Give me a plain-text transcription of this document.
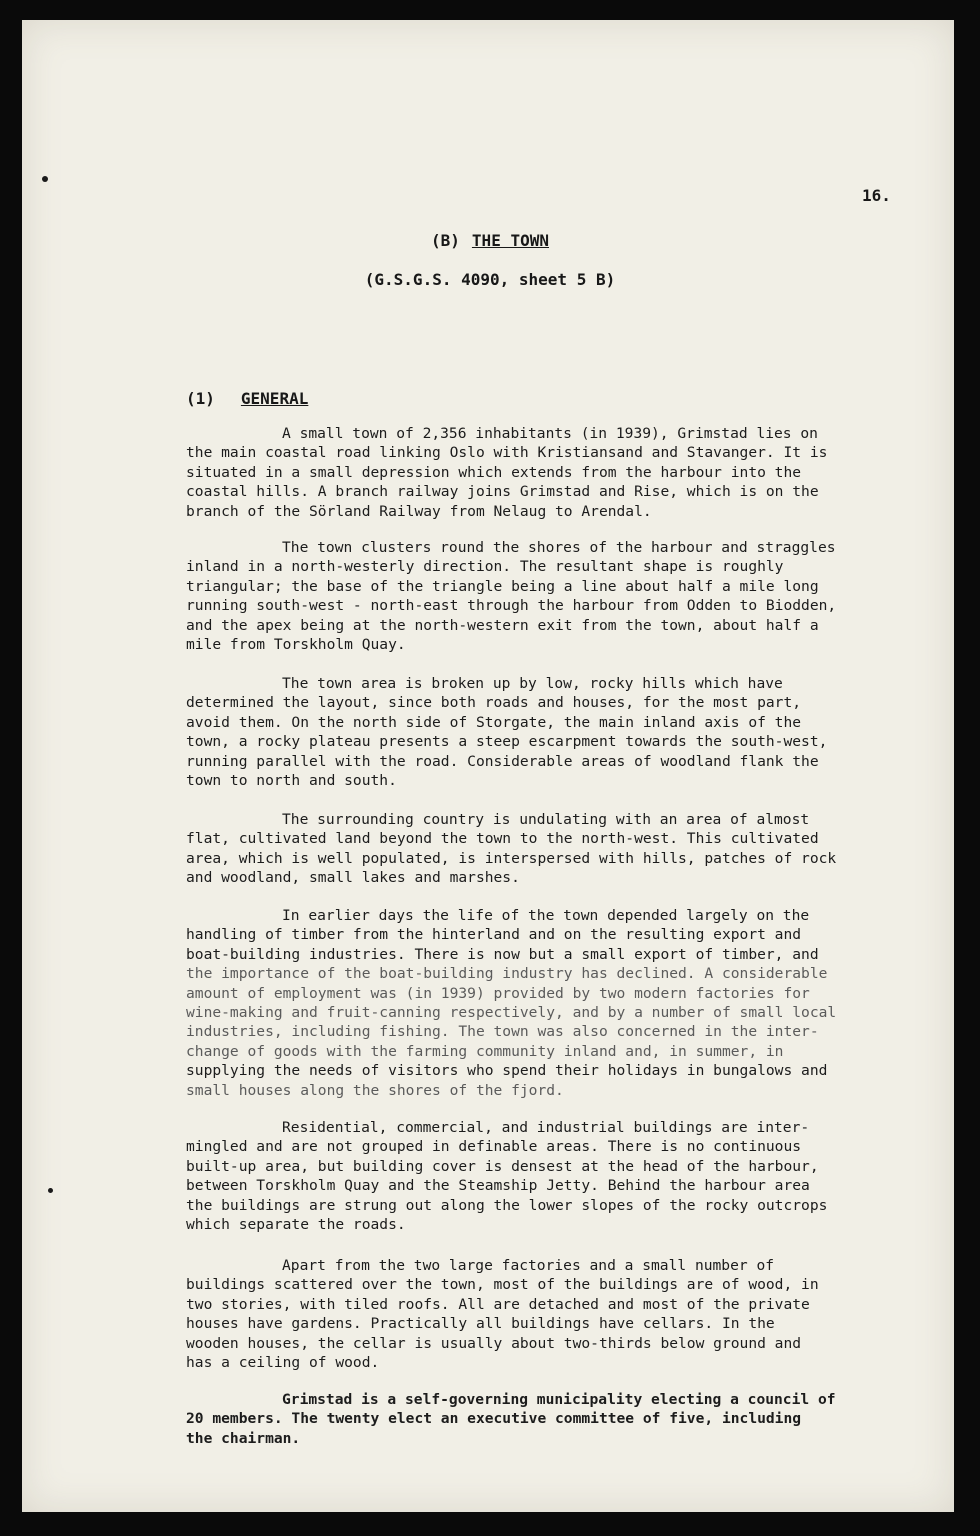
16.
(B) THE TOWN
(G.S.G.S. 4090, sheet 5 B)
(1) GENERAL
A small town of 2,356 inhabitants (in 1939), Grimstad lies on
the main coastal road linking Oslo with Kristiansand and Stavanger. It is
situated in a small depression which extends from the harbour into the
coastal hills. A branch railway joins Grimstad and Rise, which is on the
branch of the Sörland Railway from Nelaug to Arendal.
The town clusters round the shores of the harbour and straggles
inland in a north-westerly direction. The resultant shape is roughly
triangular; the base of the triangle being a line about half a mile long
running south-west - north-east through the harbour from Odden to Biodden,
and the apex being at the north-western exit from the town, about half a
mile from Torskholm Quay.
The town area is broken up by low, rocky hills which have
determined the layout, since both roads and houses, for the most part,
avoid them. On the north side of Storgate, the main inland axis of the
town, a rocky plateau presents a steep escarpment towards the south-west,
running parallel with the road. Considerable areas of woodland flank the
town to north and south.
The surrounding country is undulating with an area of almost
flat, cultivated land beyond the town to the north-west. This cultivated
area, which is well populated, is interspersed with hills, patches of rock
and woodland, small lakes and marshes.
In earlier days the life of the town depended largely on the
handling of timber from the hinterland and on the resulting export and
boat-building industries. There is now but a small export of timber, and
the importance of the boat-building industry has declined. A considerable
amount of employment was (in 1939) provided by two modern factories for
wine-making and fruit-canning respectively, and by a number of small local
industries, including fishing. The town was also concerned in the inter-
change of goods with the farming community inland and, in summer, in
supplying the needs of visitors who spend their holidays in bungalows and
small houses along the shores of the fjord.
Residential, commercial, and industrial buildings are inter-
mingled and are not grouped in definable areas. There is no continuous
built-up area, but building cover is densest at the head of the harbour,
between Torskholm Quay and the Steamship Jetty. Behind the harbour area
the buildings are strung out along the lower slopes of the rocky outcrops
which separate the roads.
Apart from the two large factories and a small number of
buildings scattered over the town, most of the buildings are of wood, in
two stories, with tiled roofs. All are detached and most of the private
houses have gardens. Practically all buildings have cellars. In the
wooden houses, the cellar is usually about two-thirds below ground and
has a ceiling of wood.
Grimstad is a self-governing municipality electing a council of
20 members. The twenty elect an executive committee of five, including
the chairman.
